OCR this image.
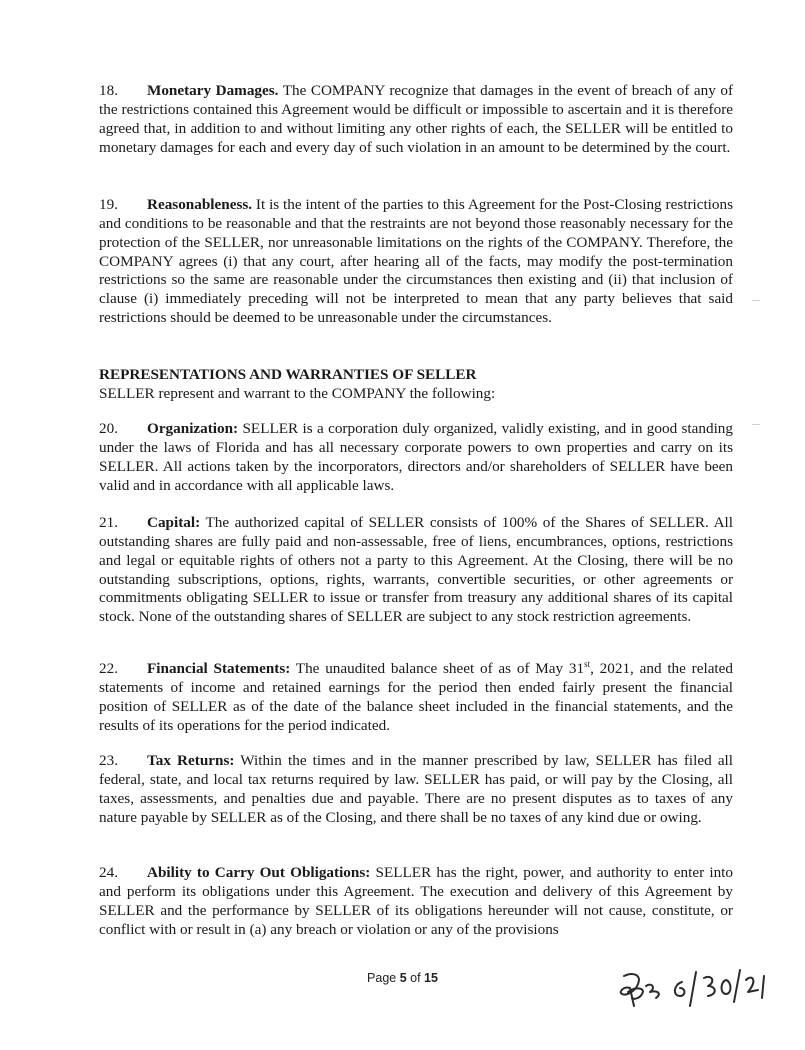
18. Monetary Damages. The COMPANY recognize that damages in the event of breach of any of the restrictions contained this Agreement would be difficult or impossible to ascertain and it is therefore agreed that, in addition to and without limiting any other rights of each, the SELLER will be entitled to monetary damages for each and every day of such violation in an amount to be determined by the court.

19. Reasonableness. It is the intent of the parties to this Agreement for the Post-Closing restrictions and conditions to be reasonable and that the restraints are not beyond those reasonably necessary for the protection of the SELLER, nor unreasonable limitations on the rights of the COMPANY. Therefore, the COMPANY agrees (i) that any court, after hearing all of the facts, may modify the post-termination restrictions so the same are reasonable under the circumstances then existing and (ii) that inclusion of clause (i) immediately preceding will not be interpreted to mean that any party believes that said restrictions should be deemed to be unreasonable under the circumstances.

REPRESENTATIONS AND WARRANTIES OF SELLER

SELLER represent and warrant to the COMPANY the following:

20. Organization: SELLER is a corporation duly organized, validly existing, and in good standing under the laws of Florida and has all necessary corporate powers to own properties and carry on its SELLER. All actions taken by the incorporators, directors and/or shareholders of SELLER have been valid and in accordance with all applicable laws.

21. Capital: The authorized capital of SELLER consists of 100% of the Shares of SELLER. All outstanding shares are fully paid and non-assessable, free of liens, encumbrances, options, restrictions and legal or equitable rights of others not a party to this Agreement. At the Closing, there will be no outstanding subscriptions, options, rights, warrants, convertible securities, or other agreements or commitments obligating SELLER to issue or transfer from treasury any additional shares of its capital stock. None of the outstanding shares of SELLER are subject to any stock restriction agreements.

22. Financial Statements: The unaudited balance sheet of as of May 31st, 2021, and the related statements of income and retained earnings for the period then ended fairly present the financial position of SELLER as of the date of the balance sheet included in the financial statements, and the results of its operations for the period indicated.

23. Tax Returns: Within the times and in the manner prescribed by law, SELLER has filed all federal, state, and local tax returns required by law. SELLER has paid, or will pay by the Closing, all taxes, assessments, and penalties due and payable. There are no present disputes as to taxes of any nature payable by SELLER as of the Closing, and there shall be no taxes of any kind due or owing.

24. Ability to Carry Out Obligations: SELLER has the right, power, and authority to enter into and perform its obligations under this Agreement. The execution and delivery of this Agreement by SELLER and the performance by SELLER of its obligations hereunder will not cause, constitute, or conflict with or result in (a) any breach or violation or any of the provisions

Page 5 of 15
